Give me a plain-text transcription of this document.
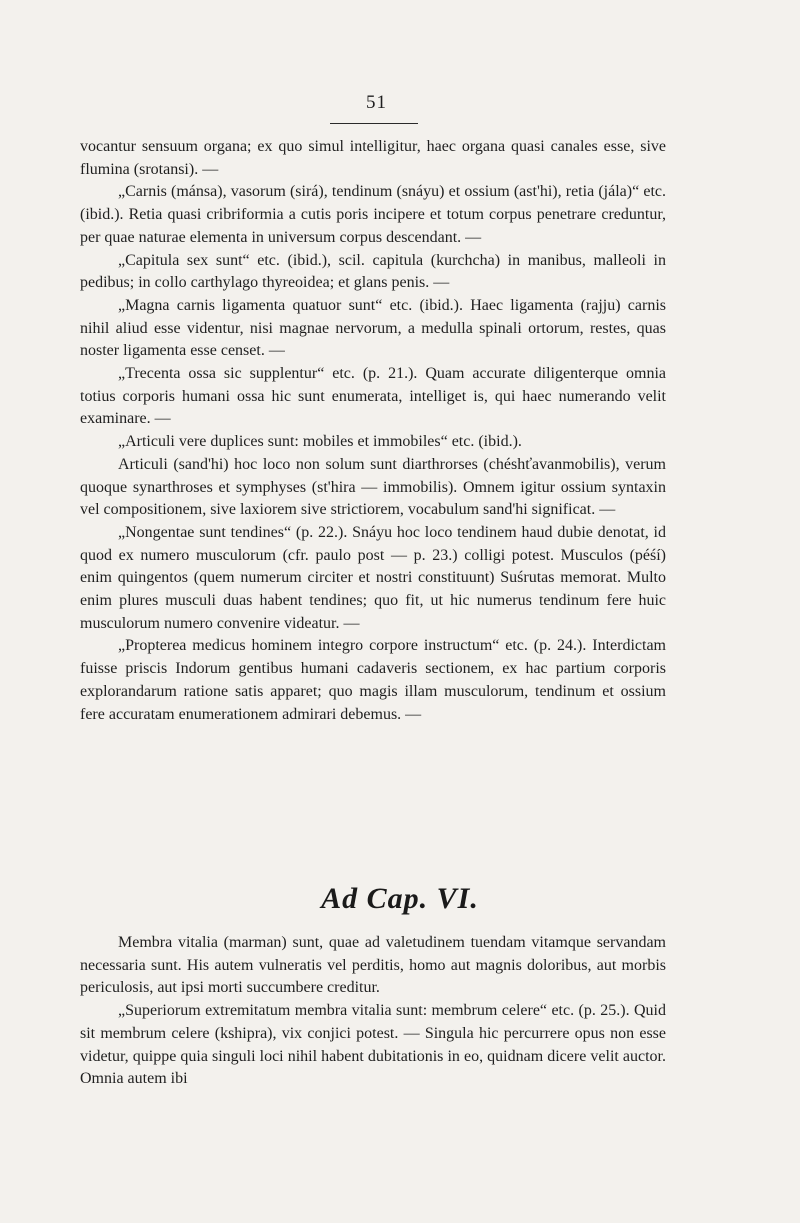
51

vocantur sensuum organa; ex quo simul intelligitur, haec organa quasi canales esse, sive flumina (srotansi). —

„Carnis (mánsa), vasorum (sirá), tendinum (snáyu) et ossium (ast'hi), retia (jála)“ etc. (ibid.). Retia quasi cribriformia a cutis poris incipere et totum corpus penetrare creduntur, per quae naturae elementa in universum corpus descendant. —

„Capitula sex sunt“ etc. (ibid.), scil. capitula (kurchcha) in manibus, malleoli in pedibus; in collo carthylago thyreoidea; et glans penis. —

„Magna carnis ligamenta quatuor sunt“ etc. (ibid.). Haec ligamenta (rajju) carnis nihil aliud esse videntur, nisi magnae nervorum, a medulla spinali ortorum, restes, quas noster ligamenta esse censet. —

„Trecenta ossa sic supplentur“ etc. (p. 21.). Quam accurate diligenterque omnia totius corporis humani ossa hic sunt enumerata, intelliget is, qui haec numerando velit examinare. —

„Articuli vere duplices sunt: mobiles et immobiles“ etc. (ibid.).

Articuli (sand'hi) hoc loco non solum sunt diarthrorses (chéshťavanmobilis), verum quoque synarthroses et symphyses (st'hira — immobilis). Omnem igitur ossium syntaxin vel compositionem, sive laxiorem sive strictiorem, vocabulum sand'hi significat. —

„Nongentae sunt tendines“ (p. 22.). Snáyu hoc loco tendinem haud dubie denotat, id quod ex numero musculorum (cfr. paulo post — p. 23.) colligi potest. Musculos (péśí) enim quingentos (quem numerum circiter et nostri constituunt) Suśrutas memorat. Multo enim plures musculi duas habent tendines; quo fit, ut hic numerus tendinum fere huic musculorum numero convenire videatur. —

„Propterea medicus hominem integro corpore instructum“ etc. (p. 24.). Interdictam fuisse priscis Indorum gentibus humani cadaveris sectionem, ex hac partium corporis explorandarum ratione satis apparet; quo magis illam musculorum, tendinum et ossium fere accuratam enumerationem admirari debemus. —

Ad Cap. VI.

Membra vitalia (marman) sunt, quae ad valetudinem tuendam vitamque servandam necessaria sunt. His autem vulneratis vel perditis, homo aut magnis doloribus, aut morbis periculosis, aut ipsi morti succumbere creditur.

„Superiorum extremitatum membra vitalia sunt: membrum celere“ etc. (p. 25.). Quid sit membrum celere (kshipra), vix conjici potest. — Singula hic percurrere opus non esse videtur, quippe quia singuli loci nihil habent dubitationis in eo, quidnam dicere velit auctor. Omnia autem ibi
